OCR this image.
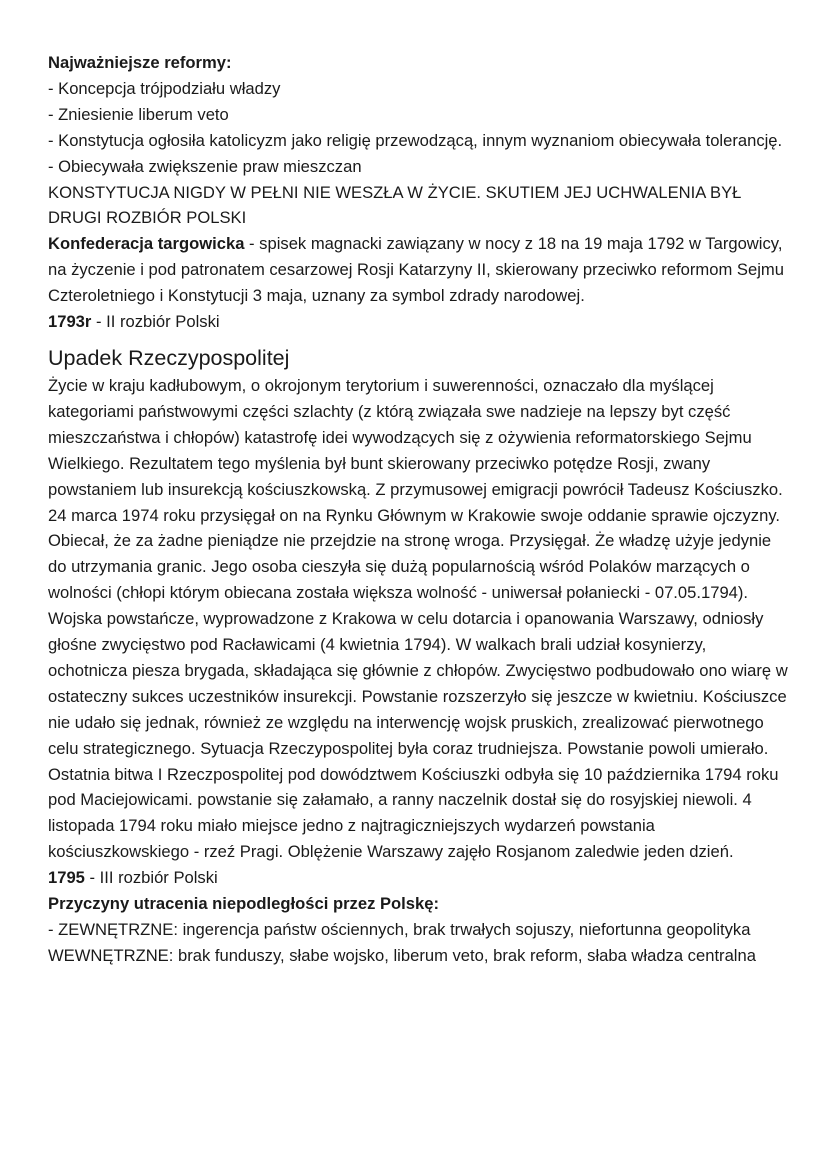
Najważniejsze reformy:

- Koncepcja trójpodziału władzy

- Zniesienie liberum veto

- Konstytucja ogłosiła katolicyzm jako religię przewodzącą, innym wyznaniom obiecywała tolerancję.

- Obiecywała zwiększenie praw mieszczan

KONSTYTUCJA NIGDY W PEŁNI NIE WESZŁA W ŻYCIE. SKUTIEM JEJ UCHWALENIA BYŁ DRUGI ROZBIÓR POLSKI

Konfederacja targowicka - spisek magnacki zawiązany w nocy z 18 na 19 maja 1792 w Targowicy, na życzenie i pod patronatem cesarzowej Rosji Katarzyny II, skierowany przeciwko reformom Sejmu Czteroletniego i Konstytucji 3 maja, uznany za symbol zdrady narodowej.

1793r - II rozbiór Polski

Upadek Rzeczypospolitej

Życie w kraju kadłubowym, o okrojonym terytorium i suwerenności, oznaczało dla myślącej kategoriami państwowymi części szlachty (z którą związała swe nadzieje na lepszy byt część mieszczaństwa i chłopów) katastrofę idei wywodzących się z ożywienia reformatorskiego Sejmu Wielkiego. Rezultatem tego myślenia był bunt skierowany przeciwko potędze Rosji, zwany powstaniem lub insurekcją kościuszkowską. Z przymusowej emigracji powrócił Tadeusz Kościuszko. 24 marca 1974 roku przysięgał on na Rynku Głównym w Krakowie swoje oddanie sprawie ojczyzny. Obiecał, że za żadne pieniądze nie przejdzie na stronę wroga. Przysięgał. Że władzę użyje jedynie do utrzymania granic. Jego osoba cieszyła się dużą popularnością wśród Polaków marzących o wolności (chłopi którym obiecana została większa wolność - uniwersał połaniecki - 07.05.1794). Wojska powstańcze, wyprowadzone z Krakowa w celu dotarcia i opanowania Warszawy, odniosły głośne zwycięstwo pod Racławicami (4 kwietnia 1794). W walkach brali udział kosynierzy, ochotnicza piesza brygada, składająca się głównie z chłopów. Zwycięstwo podbudowało ono wiarę w ostateczny sukces uczestników insurekcji. Powstanie rozszerzyło się jeszcze w kwietniu. Kościuszce nie udało się jednak, również ze względu na interwencję wojsk pruskich, zrealizować pierwotnego celu strategicznego. Sytuacja Rzeczypospolitej była coraz trudniejsza. Powstanie powoli umierało. Ostatnia bitwa I Rzeczpospolitej pod dowództwem Kościuszki odbyła się 10 października 1794 roku pod Maciejowicami. powstanie się załamało, a ranny naczelnik dostał się do rosyjskiej niewoli. 4 listopada 1794 roku miało miejsce jedno z najtragiczniejszych wydarzeń powstania kościuszkowskiego - rzeź Pragi. Oblężenie Warszawy zajęło Rosjanom zaledwie jeden dzień.

1795 - III rozbiór Polski

Przyczyny utracenia niepodległości przez Polskę:

- ZEWNĘTRZNE: ingerencja państw ościennych, brak trwałych sojuszy, niefortunna geopolityka WEWNĘTRZNE: brak funduszy, słabe wojsko, liberum veto, brak reform, słaba władza centralna
